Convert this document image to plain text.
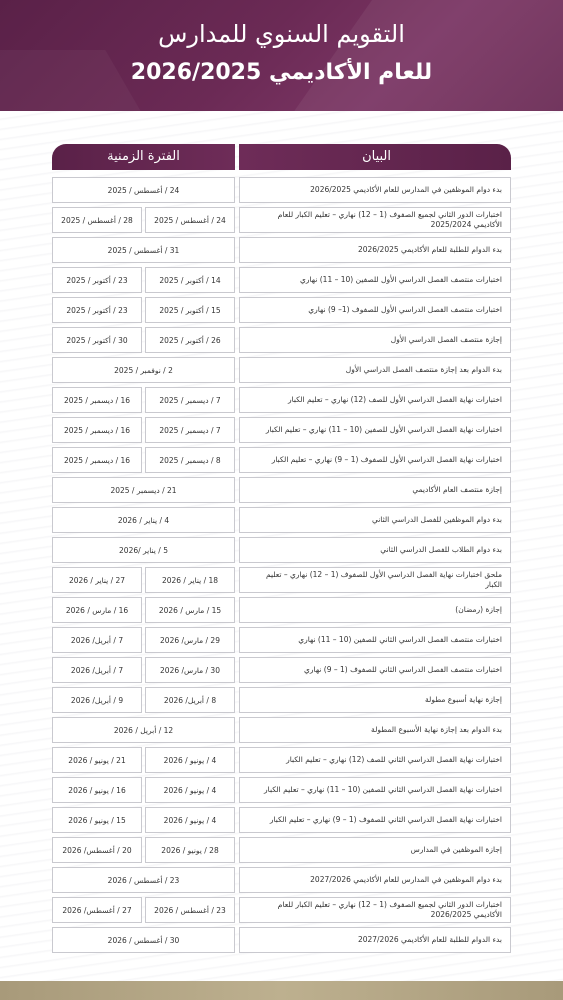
التقويم السنوي للمدارس
للعام الأكاديمي 2026/2025
البيان
الفترة الزمنية
بدء دوام الموظفين في المدارس للعام الأكاديمي 2026/2025
24 / أغسطس / 2025
اختبارات الدور الثاني لجميع الصفوف (1 – 12) نهاري – تعليم الكبار للعام الأكاديمي 2025/2024
24 / أغسطس / 2025
28 / أغسطس / 2025
بدء الدوام للطلبة للعام الأكاديمي 2026/2025
31 / أغسطس / 2025
اختبارات منتصف الفصل الدراسي الأول للصفين (10 – 11) نهاري
14 / أكتوبر / 2025
23 / أكتوبر / 2025
اختبارات منتصف الفصل الدراسي الأول للصفوف (1– 9) نهاري
15 / أكتوبر / 2025
23 / أكتوبر / 2025
إجازة منتصف الفصل الدراسي الأول
26 / أكتوبر / 2025
30 / أكتوبر / 2025
بدء الدوام بعد إجازة منتصف الفصل الدراسي الأول
2 / نوفمبر / 2025
اختبارات نهاية الفصل الدراسي الأول للصف (12) نهاري – تعليم الكبار
7 / ديسمبر / 2025
16 / ديسمبر / 2025
اختبارات نهاية الفصل الدراسي الأول للصفين (10 – 11) نهاري – تعليم الكبار
7 / ديسمبر / 2025
16 / ديسمبر / 2025
اختبارات نهاية الفصل الدراسي الأول للصفوف (1 – 9) نهاري – تعليم الكبار
8 / ديسمبر / 2025
16 / ديسمبر / 2025
إجازة منتصف العام الأكاديمي
21 / ديسمبر / 2025
بدء دوام الموظفين للفصل الدراسي الثاني
4 / يناير / 2026
بدء دوام الطلاب للفصل الدراسي الثاني
5 / يناير /2026
ملحق اختبارات نهاية الفصل الدراسي الأول للصفوف (1 – 12) نهاري – تعليم الكبار
18 / يناير / 2026
27 / يناير / 2026
إجازة (رمضان)
15 / مارس / 2026
16 / مارس / 2026
اختبارات منتصف الفصل الدراسي الثاني للصفين (10 – 11) نهاري
29 / مارس/ 2026
7 / أبريل/ 2026
اختبارات منتصف الفصل الدراسي الثاني للصفوف (1 – 9) نهاري
30 / مارس/ 2026
7 / أبريل/ 2026
إجازة نهاية أسبوع مطولة
8 / أبريل/ 2026
9 / أبريل/ 2026
بدء الدوام بعد إجازة نهاية الأسبوع المطولة
12 / أبريل / 2026
اختبارات نهاية الفصل الدراسي الثاني للصف (12) نهاري – تعليم الكبار
4 / يونيو / 2026
21 / يونيو / 2026
اختبارات نهاية الفصل الدراسي الثاني للصفين (10 – 11) نهاري – تعليم الكبار
4 / يونيو / 2026
16 / يونيو / 2026
اختبارات نهاية الفصل الدراسي الثاني للصفوف (1 – 9) نهاري – تعليم الكبار
4 / يونيو / 2026
15 / يونيو / 2026
إجازة الموظفين في المدارس
28 / يونيو / 2026
20 / أغسطس/ 2026
بدء دوام الموظفين في المدارس للعام الأكاديمي 2027/2026
23 / أغسطس / 2026
اختبارات الدور الثاني لجميع الصفوف (1 – 12) نهاري – تعليم الكبار للعام الأكاديمي 2026/2025
23 / أغسطس / 2026
27 / أغسطس/ 2026
بدء الدوام للطلبة للعام الأكاديمي 2027/2026
30 / أغسطس / 2026
